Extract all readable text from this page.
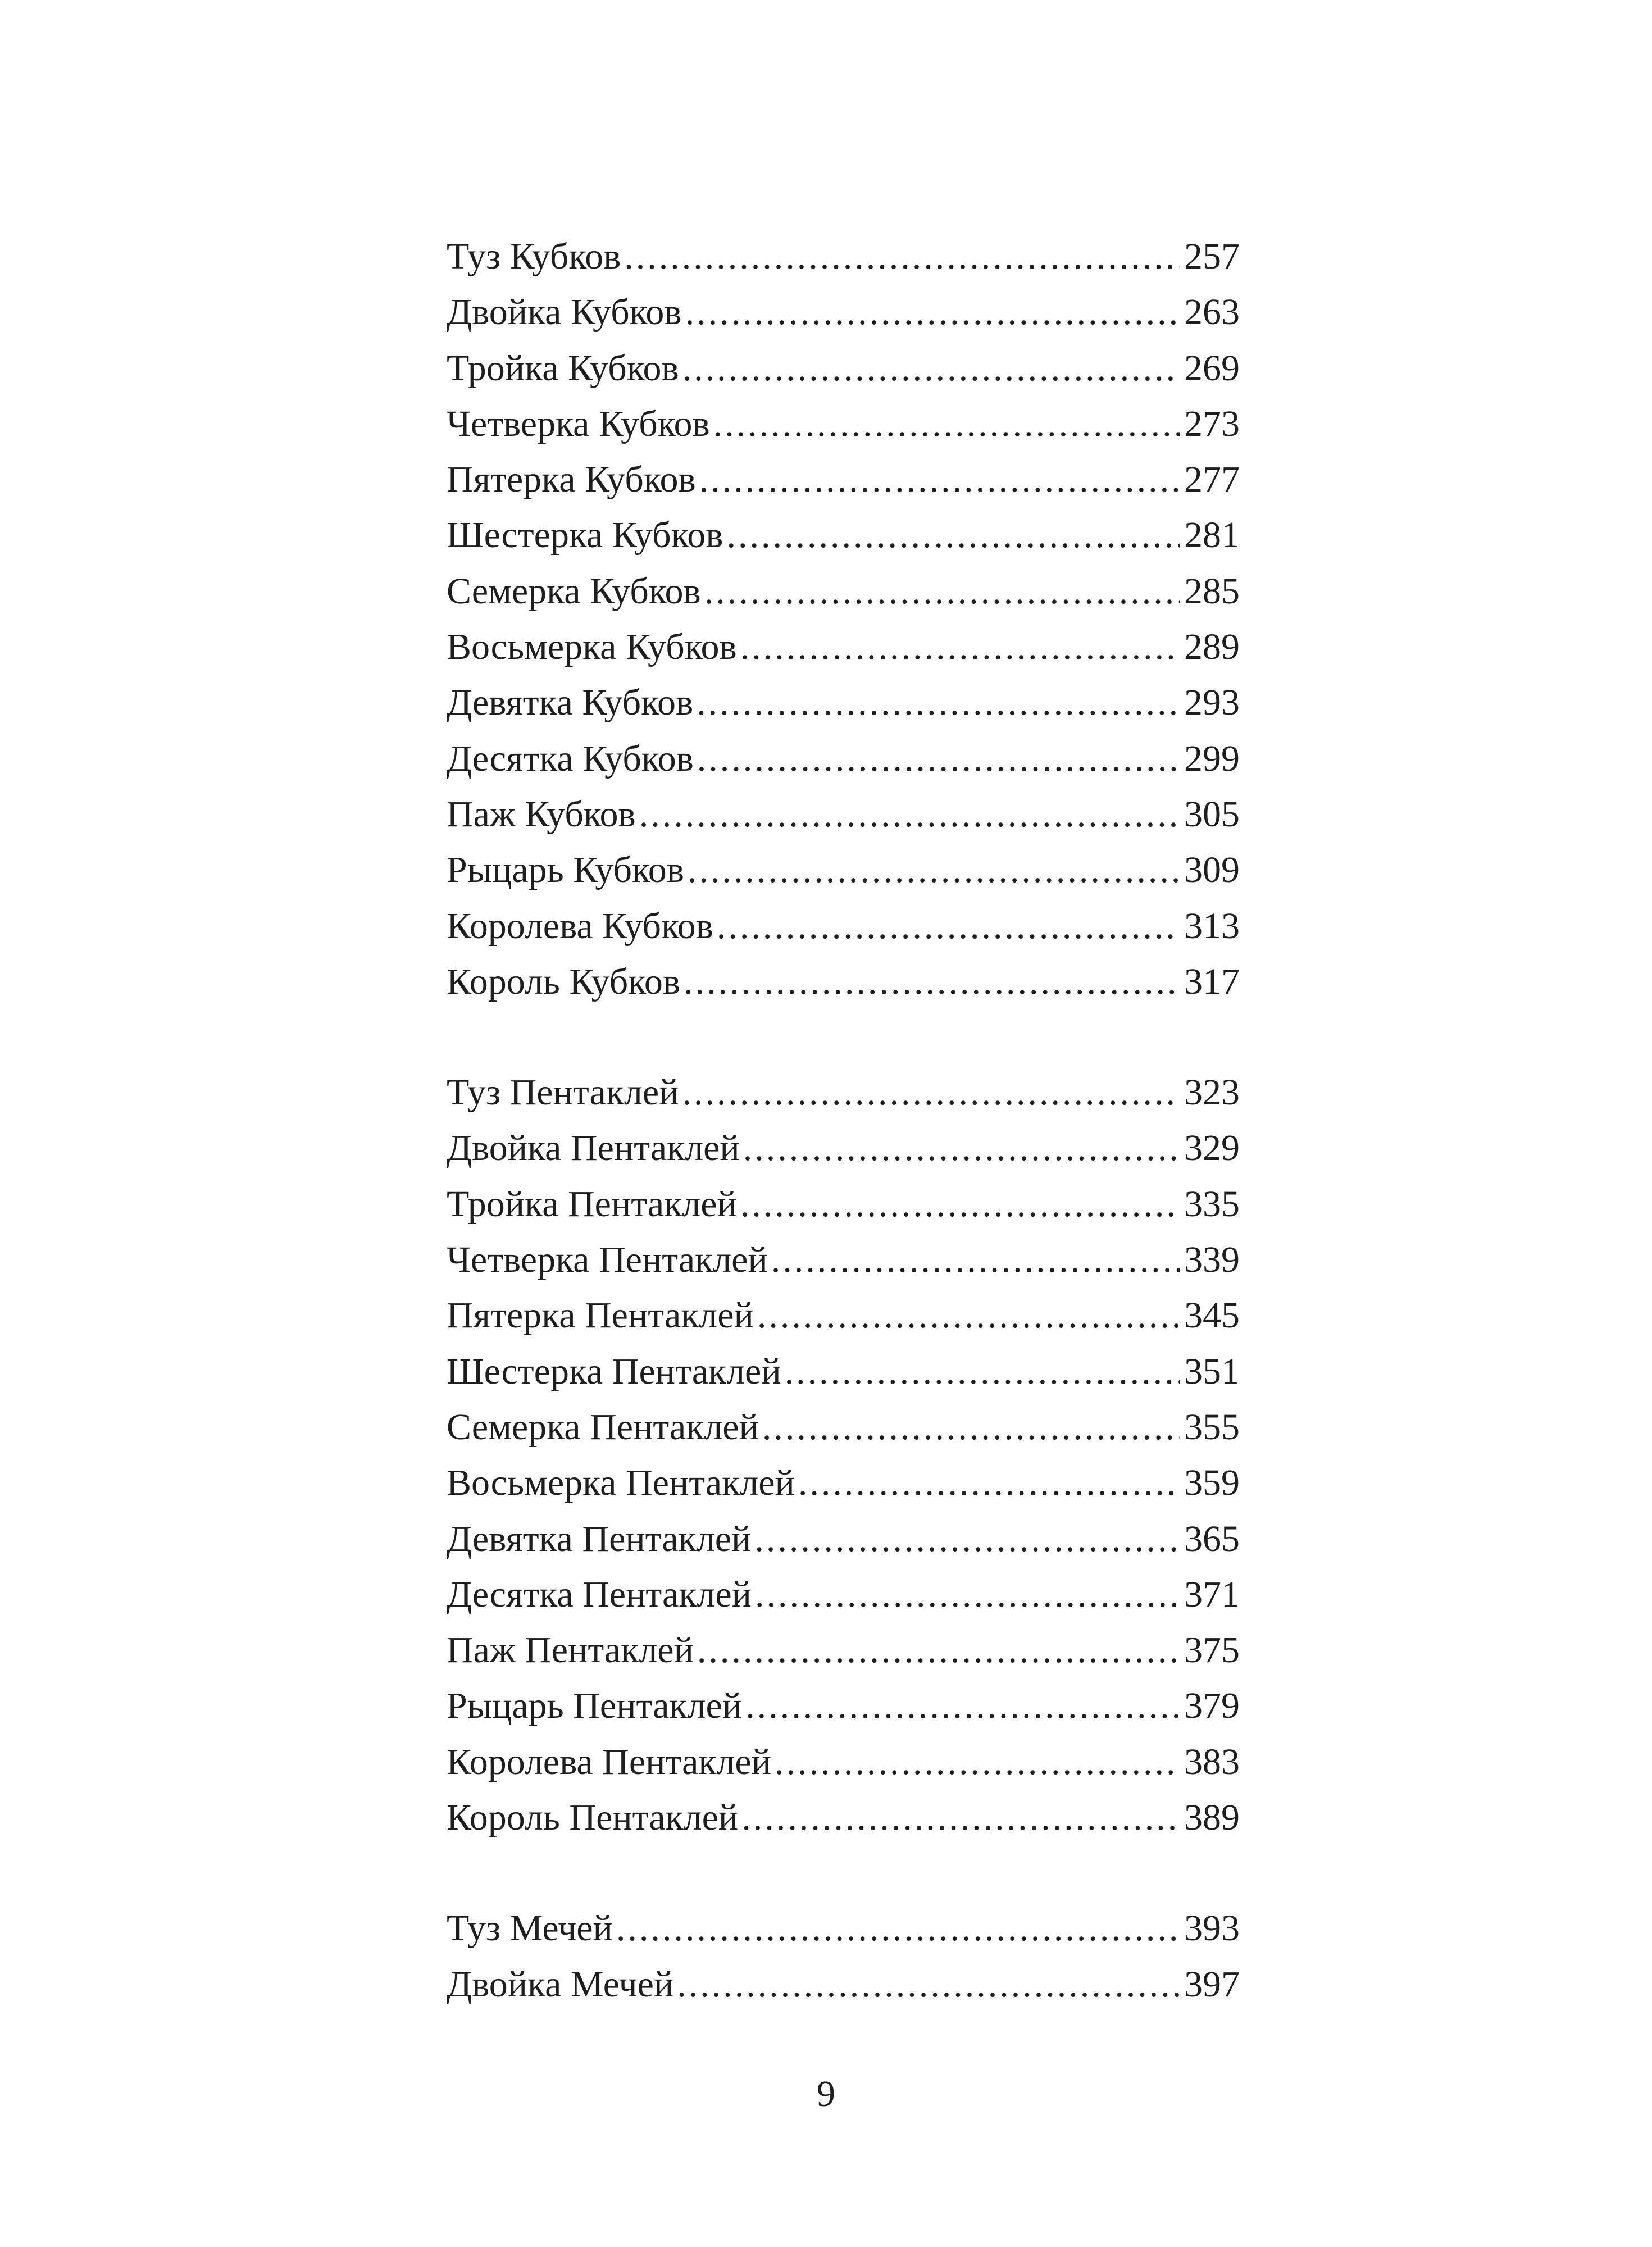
Туз Кубков .....	257
Двойка Кубков .....	263
Тройка Кубков .....	269
Четверка Кубков .....	273
Пятерка Кубков .....	277
Шестерка Кубков .....	281
Семерка Кубков .....	285
Восьмерка Кубков .....	289
Девятка Кубков .....	293
Десятка Кубков .....	299
Паж Кубков .....	305
Рыцарь Кубков .....	309
Королева Кубков .....	313
Король Кубков .....	317
Туз Пентаклей .....	323
Двойка Пентаклей .....	329
Тройка Пентаклей .....	335
Четверка Пентаклей .....	339
Пятерка Пентаклей .....	345
Шестерка Пентаклей .....	351
Семерка Пентаклей .....	355
Восьмерка Пентаклей .....	359
Девятка Пентаклей .....	365
Десятка Пентаклей .....	371
Паж Пентаклей .....	375
Рыцарь Пентаклей .....	379
Королева Пентаклей .....	383
Король Пентаклей .....	389
Туз Мечей .....	393
Двойка Мечей .....	397
9
